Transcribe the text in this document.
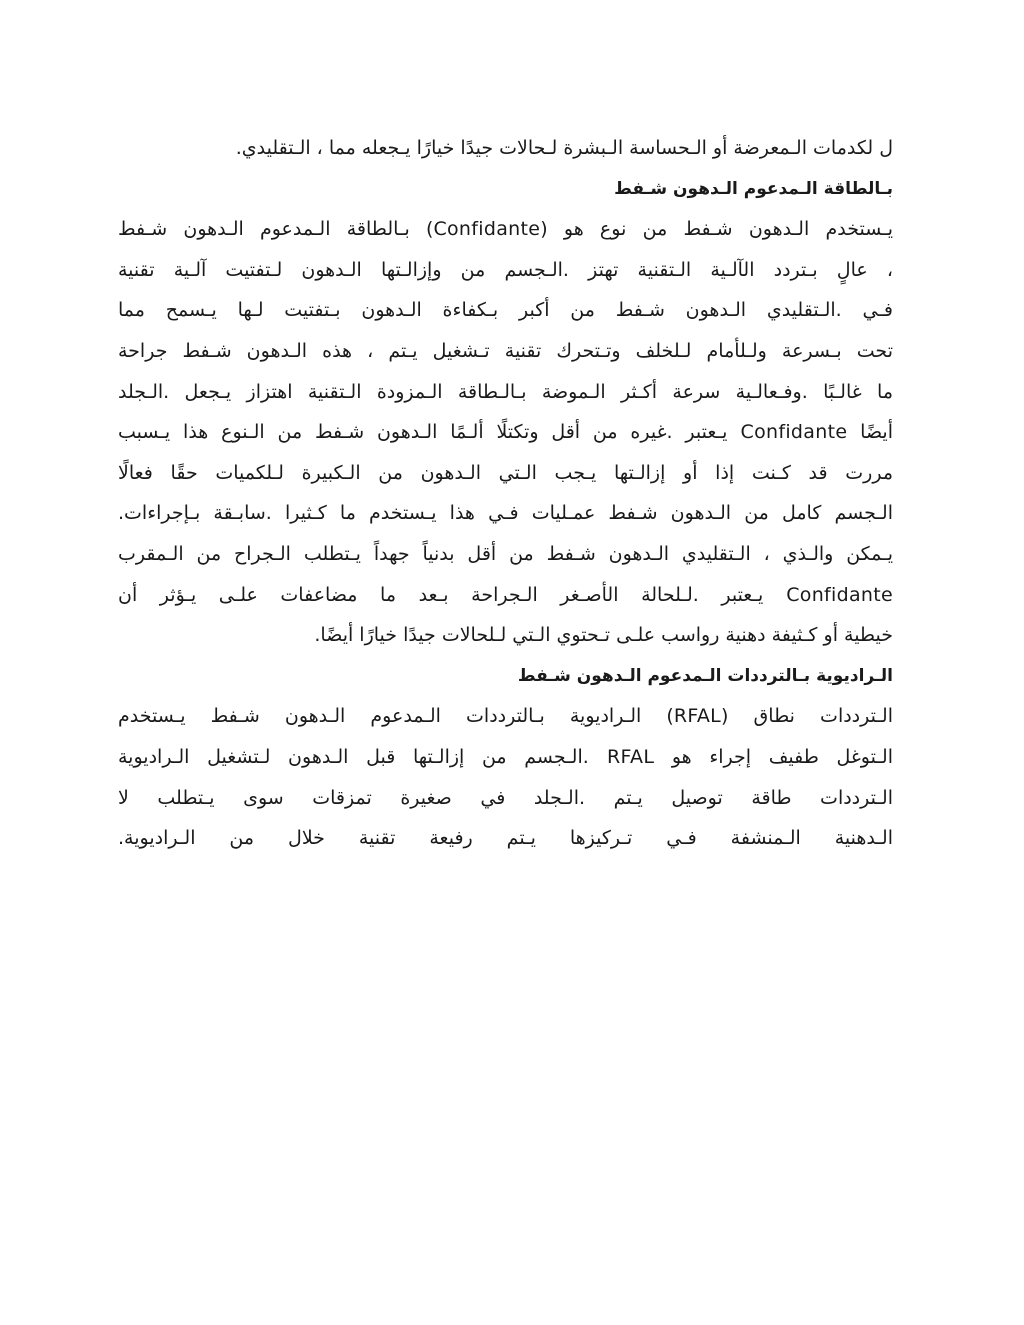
ل لكدمات الـمعرضة أو الـحساسة الـبشرة لـحالات جيدًا خيارًا يـجعله مما ، الـتقليدي.
بـالطاقة الـمدعوم الـدهون شـفط
يـستخدم الـدهون شـفط من نوع هو (Confidante) بـالطاقة الـمدعوم الـدهون شـفط
، عالٍ بـتردد الآلـية الـتقنية تهتز .الـجسم من وإزالـتها الـدهون لـتفتيت آلـية تقنية
فـي .الـتقليدي الـدهون شـفط من أكبر بـكفاءة الـدهون بـتفتيت لـها يـسمح مما
تحت بـسرعة ولـلأمام لـلخلف وتـتحرك تقنية تـشغيل يـتم ، هذه الـدهون شـفط جراحة
ما غالـبًا .وفـعالـية سرعة أكـثر الـموضة بـالـطاقة الـمزودة الـتقنية اهتزاز يـجعل .الـجلد
أيضًا Confidante يـعتبر .غيره من أقل وتكتلًا ألـمًا الـدهون شـفط من الـنوع هذا يـسبب
مررت قد كـنت إذا أو إزالـتها يـجب الـتي الـدهون من الـكبيرة لـلكميات حقًا فعالًا
الـجسم كامل من الـدهون شـفط عمـليات فـي هذا يـستخدم ما كـثيرا .سابـقة بـإجراءات.
يـمكن والـذي ، الـتقليدي الـدهون شـفط من أقل بدنياً جهداً يـتطلب الـجراح من الـمقرب
Confidante يـعتبر .لـلحالة الأصـغر الـجراحة بـعد ما مضاعفات علـى يـؤثر أن
خيطية أو كـثيفة دهنية رواسب علـى تـحتوي الـتي لـلحالات جيدًا خيارًا أيضًا.
الـراديوية بـالترددات الـمدعوم الـدهون شـفط
الـترددات نطاق (RFAL) الـراديوية بـالترددات الـمدعوم الـدهون شـفط يـستخدم
الـتوغل طفيف إجراء هو RFAL .الـجسم من إزالـتها قبل الـدهون لـتشغيل الـراديوية
الـترددات طاقة توصيل يـتم .الـجلد في صغيرة تمزقات سوى يـتطلب لا
الـدهنية الـمنشفة فـي تـركيزها يـتم رفيعة تقنية خلال من الـراديوية.
